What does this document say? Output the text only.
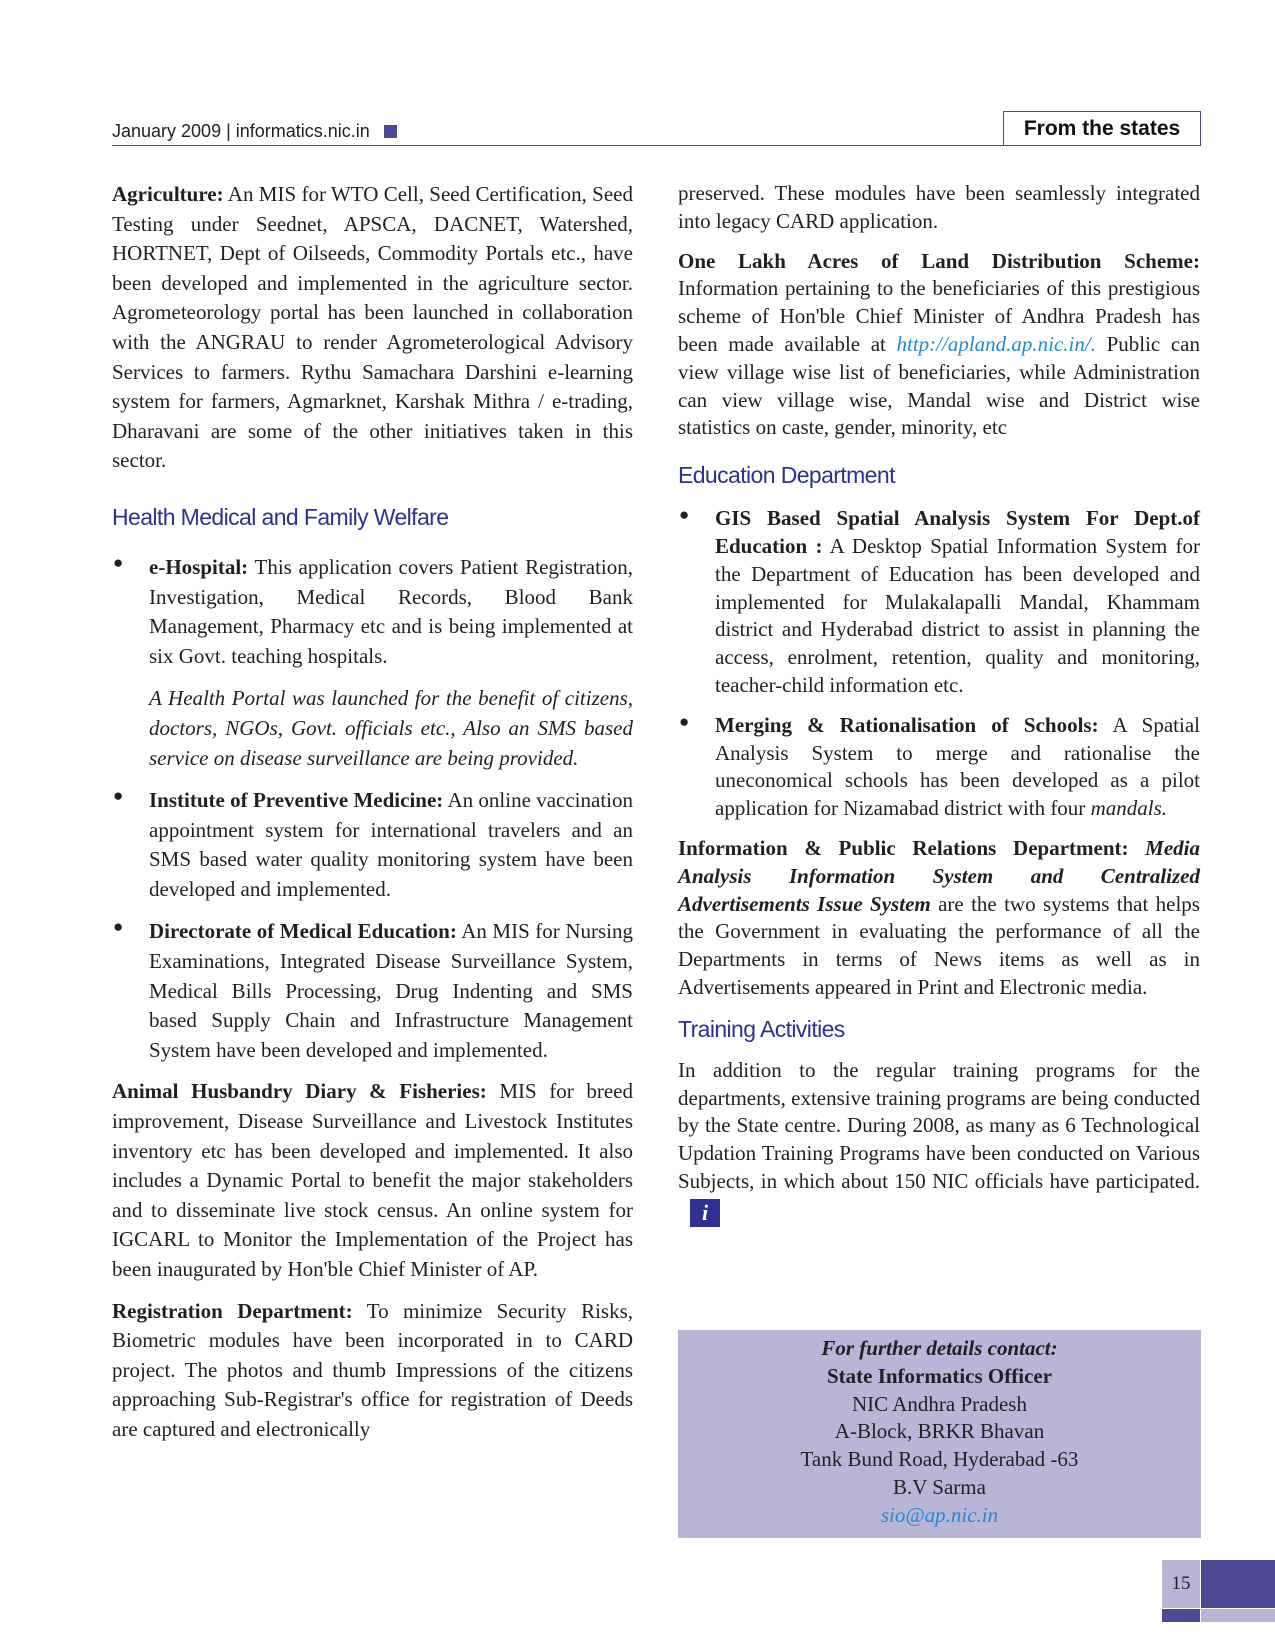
January 2009 | informatics.nic.in	From the states

Agriculture: An MIS for WTO Cell, Seed Certification, Seed Testing under Seednet, APSCA, DACNET, Watershed, HORTNET, Dept of Oilseeds, Commodity Portals etc., have been developed and implemented in the agriculture sector. Agrometeorology portal has been launched in collaboration with the ANGRAU to render Agrometerological Advisory Services to farmers. Rythu Samachara Darshini e-learning system for farmers, Agmarknet, Karshak Mithra / e-trading, Dharavani are some of the other initiatives taken in this sector.

Health Medical and Family Welfare
● e-Hospital: This application covers Patient Registration, Investigation, Medical Records, Blood Bank Management, Pharmacy etc and is being implemented at six Govt. teaching hospitals.

A Health Portal was launched for the benefit of citizens, doctors, NGOs, Govt. officials etc., Also an SMS based service on disease surveillance are being provided.

● Institute of Preventive Medicine: An online vaccination appointment system for international travelers and an SMS based water quality monitoring system have been developed and implemented.

● Directorate of Medical Education: An MIS for Nursing Examinations, Integrated Disease Surveillance System, Medical Bills Processing, Drug Indenting and SMS based Supply Chain and Infrastructure Management System have been developed and implemented.

Animal Husbandry Diary & Fisheries: MIS for breed improvement, Disease Surveillance and Livestock Institutes inventory etc has been developed and implemented. It also includes a Dynamic Portal to benefit the major stakeholders and to disseminate live stock census. An online system for IGCARL to Monitor the Implementation of the Project has been inaugurated by Hon'ble Chief Minister of AP.

Registration Department: To minimize Security Risks, Biometric modules have been incorporated in to CARD project. The photos and thumb Impressions of the citizens approaching Sub-Registrar's office for registration of Deeds are captured and electronically

preserved. These modules have been seamlessly integrated into legacy CARD application.

One Lakh Acres of Land Distribution Scheme: Information pertaining to the beneficiaries of this prestigious scheme of Hon'ble Chief Minister of Andhra Pradesh has been made available at http://apland.ap.nic.in/. Public can view village wise list of beneficiaries, while Administration can view village wise, Mandal wise and District wise statistics on caste, gender, minority, etc

Education Department
● GIS Based Spatial Analysis System For Dept.of Education : A Desktop Spatial Information System for the Department of Education has been developed and implemented for Mulakalapalli Mandal, Khammam district and Hyderabad district to assist in planning the access, enrolment, retention, quality and monitoring, teacher-child information etc.

● Merging & Rationalisation of Schools: A Spatial Analysis System to merge and rationalise the uneconomical schools has been developed as a pilot application for Nizamabad district with four mandals.

Information & Public Relations Department: Media Analysis Information System and Centralized Advertisements Issue System are the two systems that helps the Government in evaluating the performance of all the Departments in terms of News items as well as in Advertisements appeared in Print and Electronic media.

Training Activities

In addition to the regular training programs for the departments, extensive training programs are being conducted by the State centre. During 2008, as many as 6 Technological Updation Training Programs have been conducted on Various Subjects, in which about 150 NIC officials have participated.i

For further details contact:
State Informatics Officer
NIC Andhra Pradesh
A-Block, BRKR Bhavan
Tank Bund Road, Hyderabad -63
B.V Sarma
sio@ap.nic.in
15
